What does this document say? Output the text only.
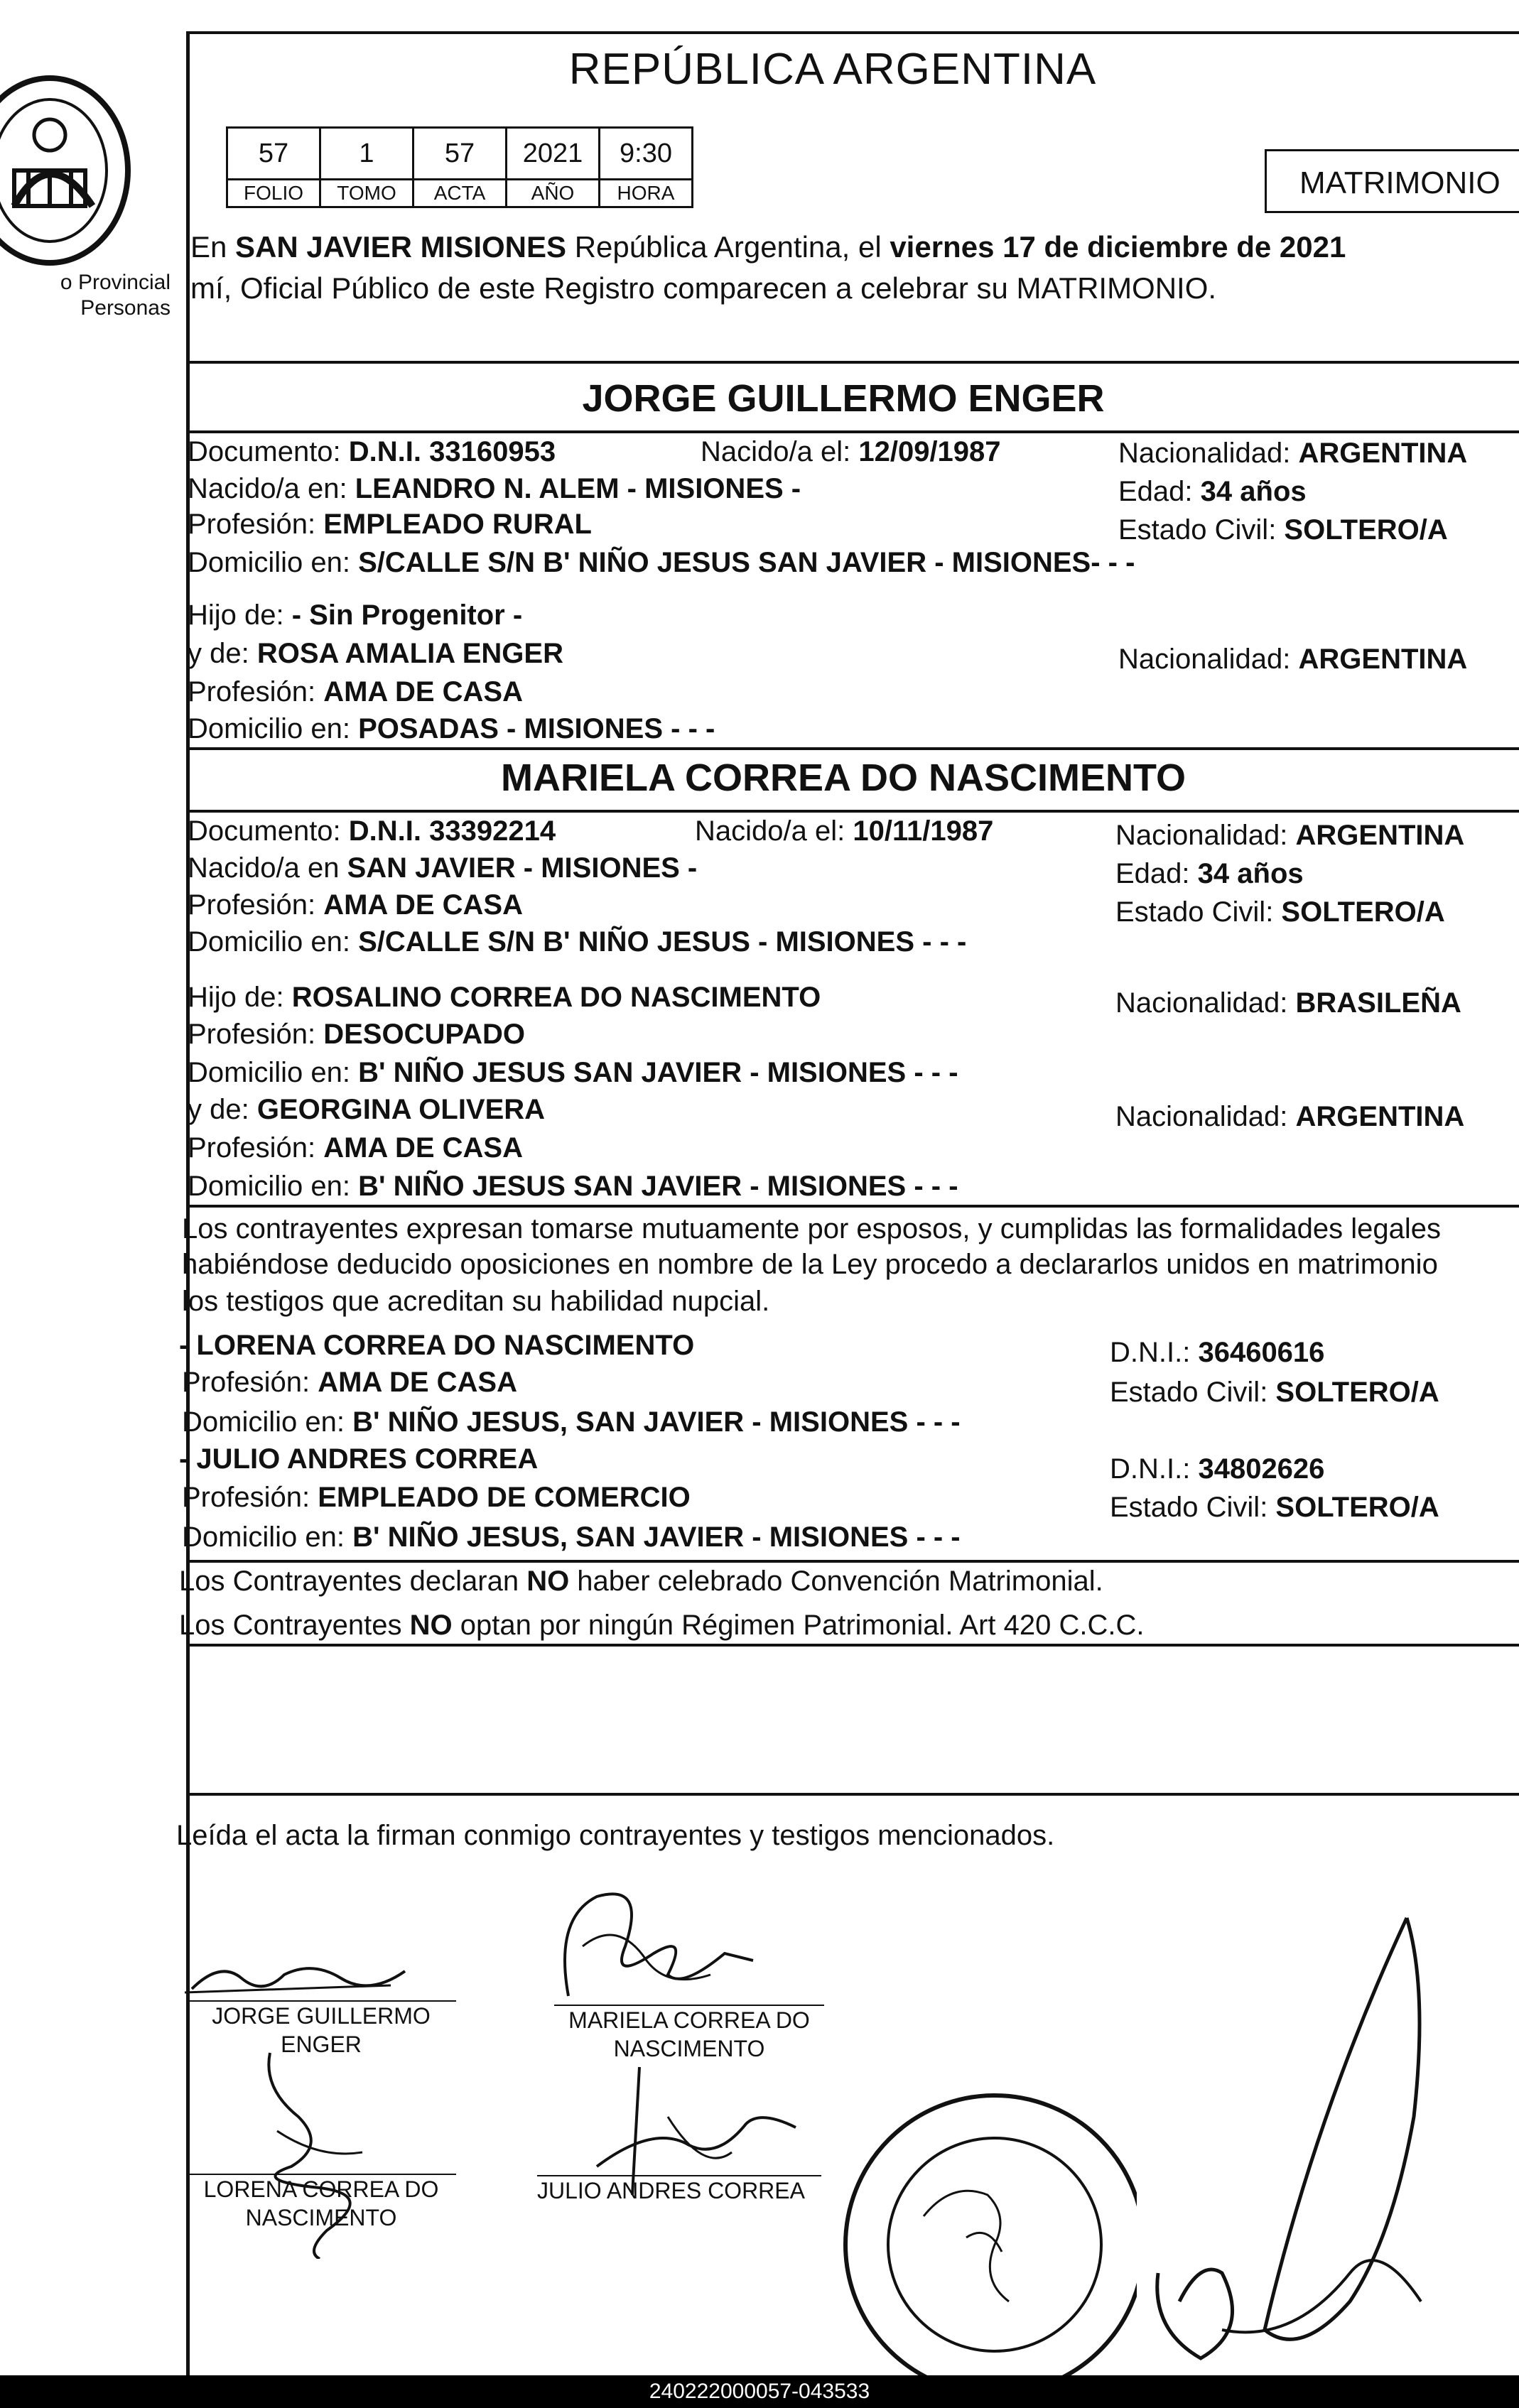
o Provincial
Personas
REPÚBLICA ARGENTINA
57	1	57	2021	9:30
FOLIO	TOMO	ACTA	AÑO	HORA	MATRIMONIO
En SAN JAVIER MISIONES República Argentina, el viernes 17 de diciembre de 2021
mí, Oficial Público de este Registro comparecen a celebrar su MATRIMONIO.
JORGE GUILLERMO ENGER
Documento: D.N.I. 33160953	Nacido/a el: 12/09/1987	Nacionalidad: ARGENTINA
Nacido/a en: LEANDRO N. ALEM - MISIONES -	Edad: 34 años
Profesión: EMPLEADO RURAL	Estado Civil: SOLTERO/A
Domicilio en: S/CALLE S/N B' NIÑO JESUS SAN JAVIER - MISIONES- - -
Hijo de: - Sin Progenitor -
y de: ROSA AMALIA ENGER	Nacionalidad: ARGENTINA
Profesión: AMA DE CASA
Domicilio en: POSADAS - MISIONES - - -
MARIELA CORREA DO NASCIMENTO
Documento: D.N.I. 33392214	Nacido/a el: 10/11/1987	Nacionalidad: ARGENTINA
Nacido/a en SAN JAVIER - MISIONES -	Edad: 34 años
Profesión: AMA DE CASA	Estado Civil: SOLTERO/A
Domicilio en: S/CALLE S/N B' NIÑO JESUS - MISIONES - - -
Hijo de: ROSALINO CORREA DO NASCIMENTO	Nacionalidad: BRASILEÑA
Profesión: DESOCUPADO
Domicilio en: B' NIÑO JESUS SAN JAVIER - MISIONES - - -
y de: GEORGINA OLIVERA	Nacionalidad: ARGENTINA
Profesión: AMA DE CASA
Domicilio en: B' NIÑO JESUS SAN JAVIER - MISIONES - - -
Los contrayentes expresan tomarse mutuamente por esposos, y cumplidas las formalidades legales
habiéndose deducido oposiciones en nombre de la Ley procedo a declararlos unidos en matrimonio
los testigos que acreditan su habilidad nupcial.
- LORENA CORREA DO NASCIMENTO	D.N.I.: 36460616
Profesión: AMA DE CASA	Estado Civil: SOLTERO/A
Domicilio en: B' NIÑO JESUS, SAN JAVIER - MISIONES - - -
- JULIO ANDRES CORREA	D.N.I.: 34802626
Profesión: EMPLEADO DE COMERCIO	Estado Civil: SOLTERO/A
Domicilio en: B' NIÑO JESUS, SAN JAVIER - MISIONES - - -
Los Contrayentes declaran NO haber celebrado Convención Matrimonial.
Los Contrayentes NO optan por ningún Régimen Patrimonial. Art 420 C.C.C.
Leída el acta la firman conmigo contrayentes y testigos mencionados.
JORGE GUILLERMO
ENGER
MARIELA CORREA DO
NASCIMENTO
LORENA CORREA DO
NASCIMENTO
JULIO ANDRES CORREA
240222000057-043533
